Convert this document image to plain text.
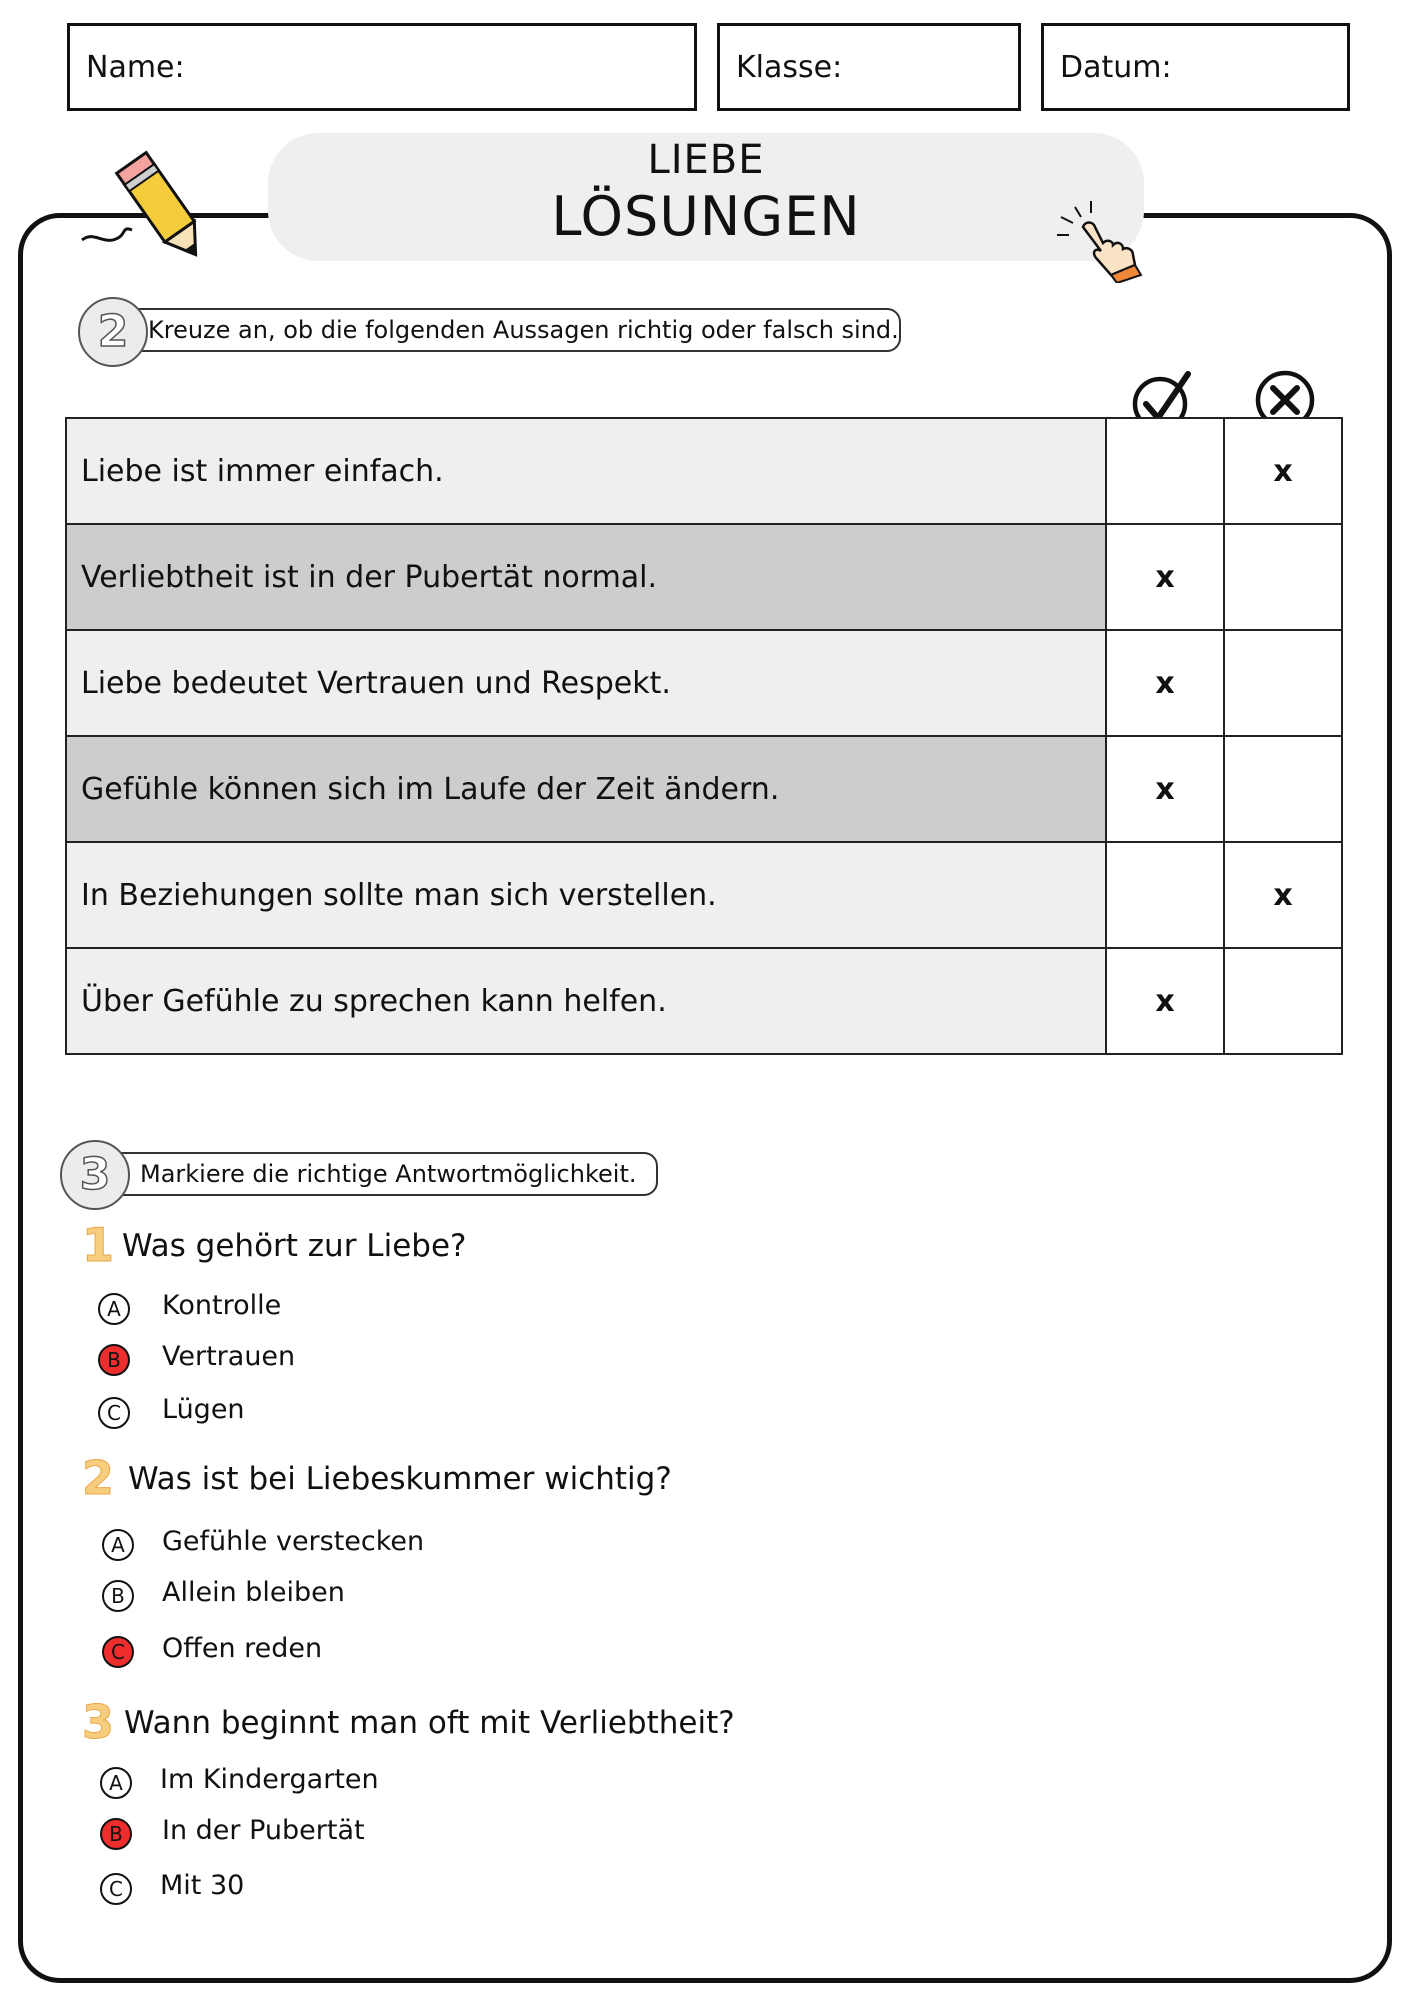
Name:	Klasse:	Datum:
LIEBE
LÖSUNGEN
2 Kreuze an, ob die folgenden Aussagen richtig oder falsch sind.
Liebe ist immer einfach.		x
Verliebtheit ist in der Pubertät normal.	x	
Liebe bedeutet Vertrauen und Respekt.	x	
Gefühle können sich im Laufe der Zeit ändern.	x	
In Beziehungen sollte man sich verstellen.		x
Über Gefühle zu sprechen kann helfen.	x	
3	Markiere die richtige Antwortmöglichkeit.
1 Was gehört zur Liebe?
A	Kontrolle
B	Vertrauen
C	Lügen
2 Was ist bei Liebeskummer wichtig?
A	Gefühle verstecken
B	Allein bleiben
C	Offen reden
3 Wann beginnt man oft mit Verliebtheit?
A	Im Kindergarten
B	In der Pubertät
C	Mit 30
